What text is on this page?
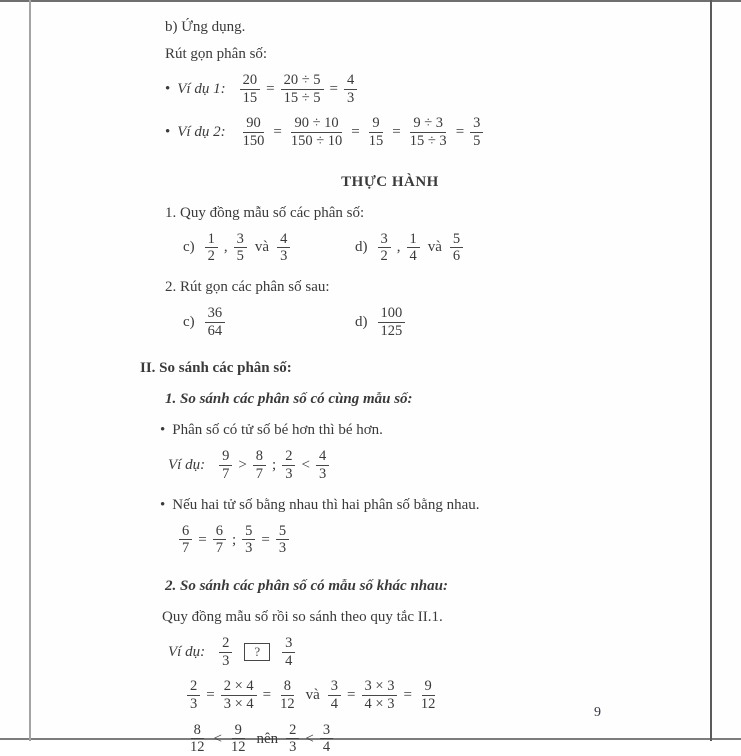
b) Ứng dụng.

Rút gọn phân số:

• Ví dụ 1: $\frac{20}{15} = \frac{20 \div 5}{15 \div 5} = \frac{4}{3}$
• Ví dụ 2: $\frac{90}{150} = \frac{90 \div 10}{150 \div 10} = \frac{9}{15} = \frac{9 \div 3}{15 \div 3} = \frac{3}{5}$

THỰC HÀNH

1. Quy đồng mẫu số các phân số:

$c) \frac{1}{2}$ , $\frac{3}{5}$ và $\frac{4}{3}$	$d) \frac{3}{2}$ , $\frac{1}{4}$ và $\frac{5}{6}$

2. Rút gọn các phân số sau:

$c) \frac{36}{64}$	$d) \frac{100}{125}$

II. So sánh các phân số:

1. So sánh các phân số có cùng mẫu số:

• Phân số có tử số bé hơn thì bé hơn.

Ví dụ: $\frac{9}{7} > \frac{8}{7}$ ; $\frac{2}{3} < \frac{4}{3}$

• Nếu hai tử số bằng nhau thì hai phân số bằng nhau.

$\frac{6}{7} = \frac{6}{7}$ ; $\frac{5}{3} = \frac{5}{3}$

2. So sánh các phân số có mẫu số khác nhau:

Quy đồng mẫu số rồi so sánh theo quy tắc II.1.

Ví dụ: $\frac{2}{3}$	?	$\frac{3}{4}$
$\frac{2}{3} = \frac{2 \times 4}{3 \times 4} = \frac{8}{12}$ và $\frac{3}{4} = \frac{3 \times 3}{4 \times 3} = \frac{9}{12}$
$\frac{8}{12} < \frac{9}{12}$ nên $\frac{2}{3} < \frac{3}{4}$
9
